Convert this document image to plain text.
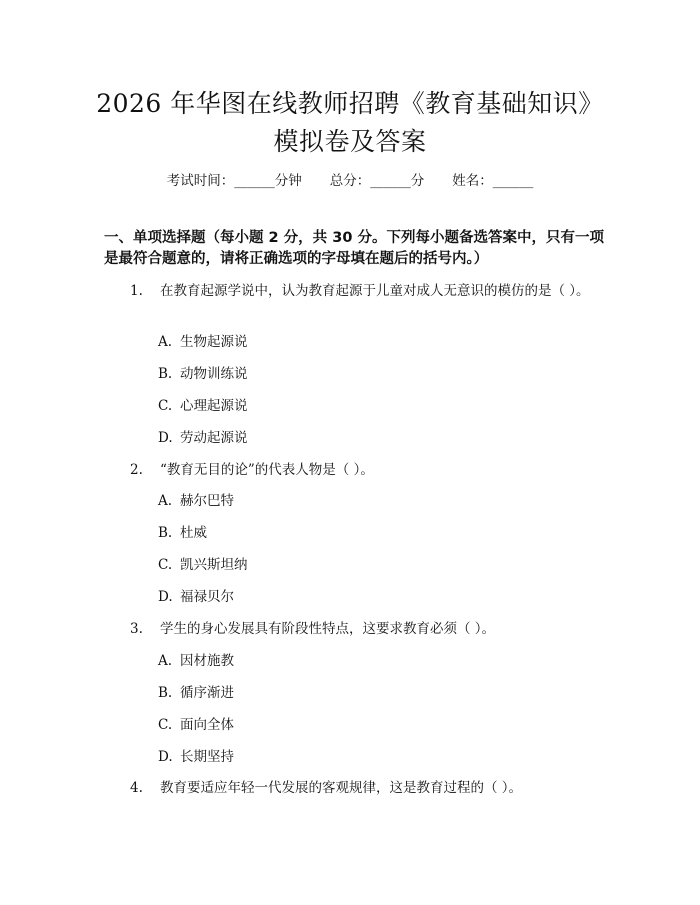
2026 年华图在线教师招聘《教育基础知识》
模拟卷及答案
考试时间：______分钟 总分：______分 姓名：______
一、单项选择题（每小题 2 分，共 30 分。下列每小题备选答案中，只有一项是最符合题意的，请将正确选项的字母填在题后的括号内。）
1. 在教育起源学说中，认为教育起源于儿童对成人无意识的模仿的是（ ）。
A. 生物起源说
B. 动物训练说
C. 心理起源说
D. 劳动起源说
2. “教育无目的论”的代表人物是（ ）。
A. 赫尔巴特
B. 杜威
C. 凯兴斯坦纳
D. 福禄贝尔
3. 学生的身心发展具有阶段性特点，这要求教育必须（ ）。
A. 因材施教
B. 循序渐进
C. 面向全体
D. 长期坚持
4. 教育要适应年轻一代发展的客观规律，这是教育过程的（ ）。
